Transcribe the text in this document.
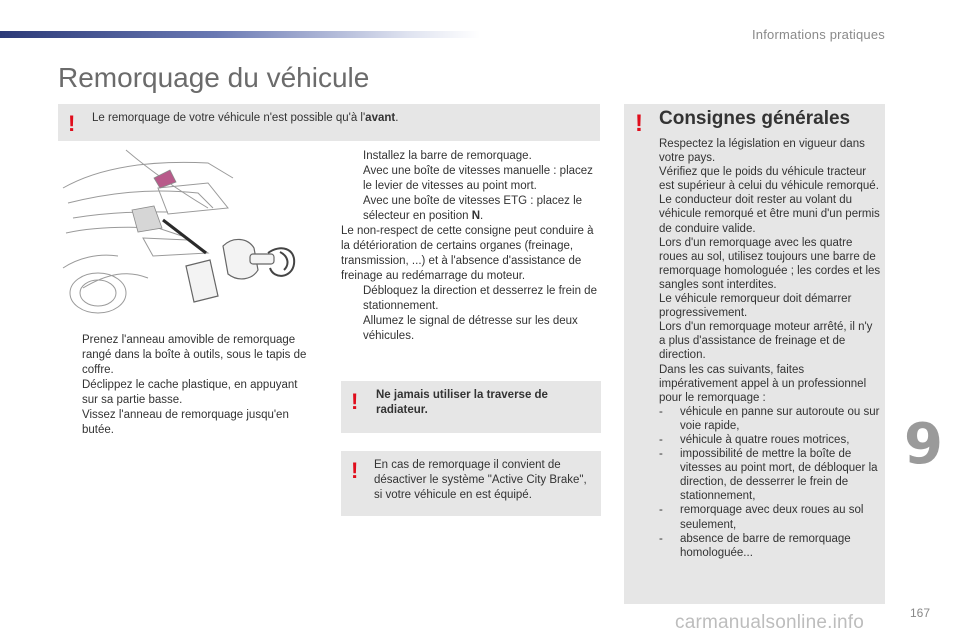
Informations pratiques
Remorquage du véhicule
! Le remorquage de votre véhicule n'est possible qu'à l'avant.
Prenez l'anneau amovible de remorquage rangé dans la boîte à outils, sous le tapis de coffre.
Déclippez le cache plastique, en appuyant sur sa partie basse.
Vissez l'anneau de remorquage jusqu'en butée.
Installez la barre de remorquage.
Avec une boîte de vitesses manuelle : placez le levier de vitesses au point mort.
Avec une boîte de vitesses ETG : placez le sélecteur en position N.

Le non-respect de cette consigne peut conduire à la détérioration de certains organes (freinage, transmission, ...) et à l'absence d'assistance de freinage au redémarrage du moteur.

Débloquez la direction et desserrez le frein de stationnement.
Allumez le signal de détresse sur les deux véhicules.
! Ne jamais utiliser la traverse de radiateur.
! En cas de remorquage il convient de désactiver le système "Active City Brake", si votre véhicule en est équipé.
! Consignes générales

Respectez la législation en vigueur dans votre pays.

Vérifiez que le poids du véhicule tracteur est supérieur à celui du véhicule remorqué.

Le conducteur doit rester au volant du véhicule remorqué et être muni d'un permis de conduire valide.

Lors d'un remorquage avec les quatre roues au sol, utilisez toujours une barre de remorquage homologuée ; les cordes et les sangles sont interdites.

Le véhicule remorqueur doit démarrer progressivement.

Lors d'un remorquage moteur arrêté, il n'y a plus d'assistance de freinage et de direction.

Dans les cas suivants, faites impérativement appel à un professionnel pour le remorquage :

- véhicule en panne sur autoroute ou sur voie rapide,
- véhicule à quatre roues motrices,
- impossibilité de mettre la boîte de vitesses au point mort, de débloquer la direction, de desserrer le frein de stationnement,
- remorquage avec deux roues au sol seulement,
- absence de barre de remorquage homologuée...
9
167
carmanualsonline.info
